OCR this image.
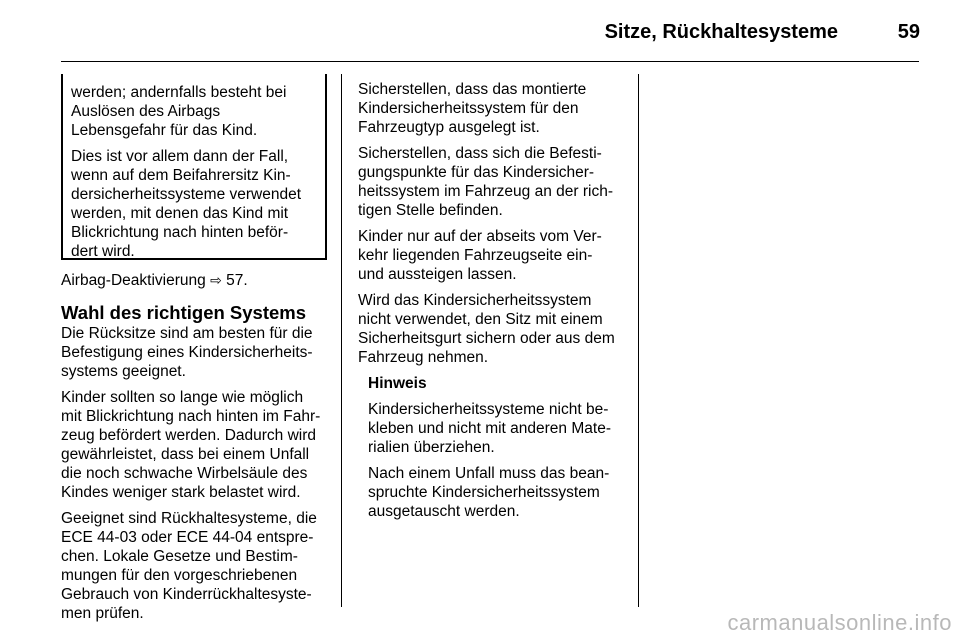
Sitze, Rückhaltesysteme	59

werden; andernfalls besteht bei
Auslösen des Airbags
Lebensgefahr für das Kind.

Dies ist vor allem dann der Fall,
wenn auf dem Beifahrersitz Kin-
dersicherheitssysteme verwendet
werden, mit denen das Kind mit
Blickrichtung nach hinten beför-
dert wird.

Airbag-Deaktivierung ⇨ 57.

Wahl des richtigen Systems

Die Rücksitze sind am besten für die
Befestigung eines Kindersicherheits-
systems geeignet.

Kinder sollten so lange wie möglich
mit Blickrichtung nach hinten im Fahr-
zeug befördert werden. Dadurch wird
gewährleistet, dass bei einem Unfall
die noch schwache Wirbelsäule des
Kindes weniger stark belastet wird.

Geeignet sind Rückhaltesysteme, die
ECE 44-03 oder ECE 44-04 entspre-
chen. Lokale Gesetze und Bestim-
mungen für den vorgeschriebenen
Gebrauch von Kinderrückhaltesyste-
men prüfen.

Sicherstellen, dass das montierte
Kindersicherheitssystem für den
Fahrzeugtyp ausgelegt ist.

Sicherstellen, dass sich die Befesti-
gungspunkte für das Kindersicher-
heitssystem im Fahrzeug an der rich-
tigen Stelle befinden.

Kinder nur auf der abseits vom Ver-
kehr liegenden Fahrzeugseite ein-
und aussteigen lassen.

Wird das Kindersicherheitssystem
nicht verwendet, den Sitz mit einem
Sicherheitsgurt sichern oder aus dem
Fahrzeug nehmen.

Hinweis

Kindersicherheitssysteme nicht be-
kleben und nicht mit anderen Mate-
rialien überziehen.

Nach einem Unfall muss das bean-
spruchte Kindersicherheitssystem
ausgetauscht werden.

carmanualsonline.info
